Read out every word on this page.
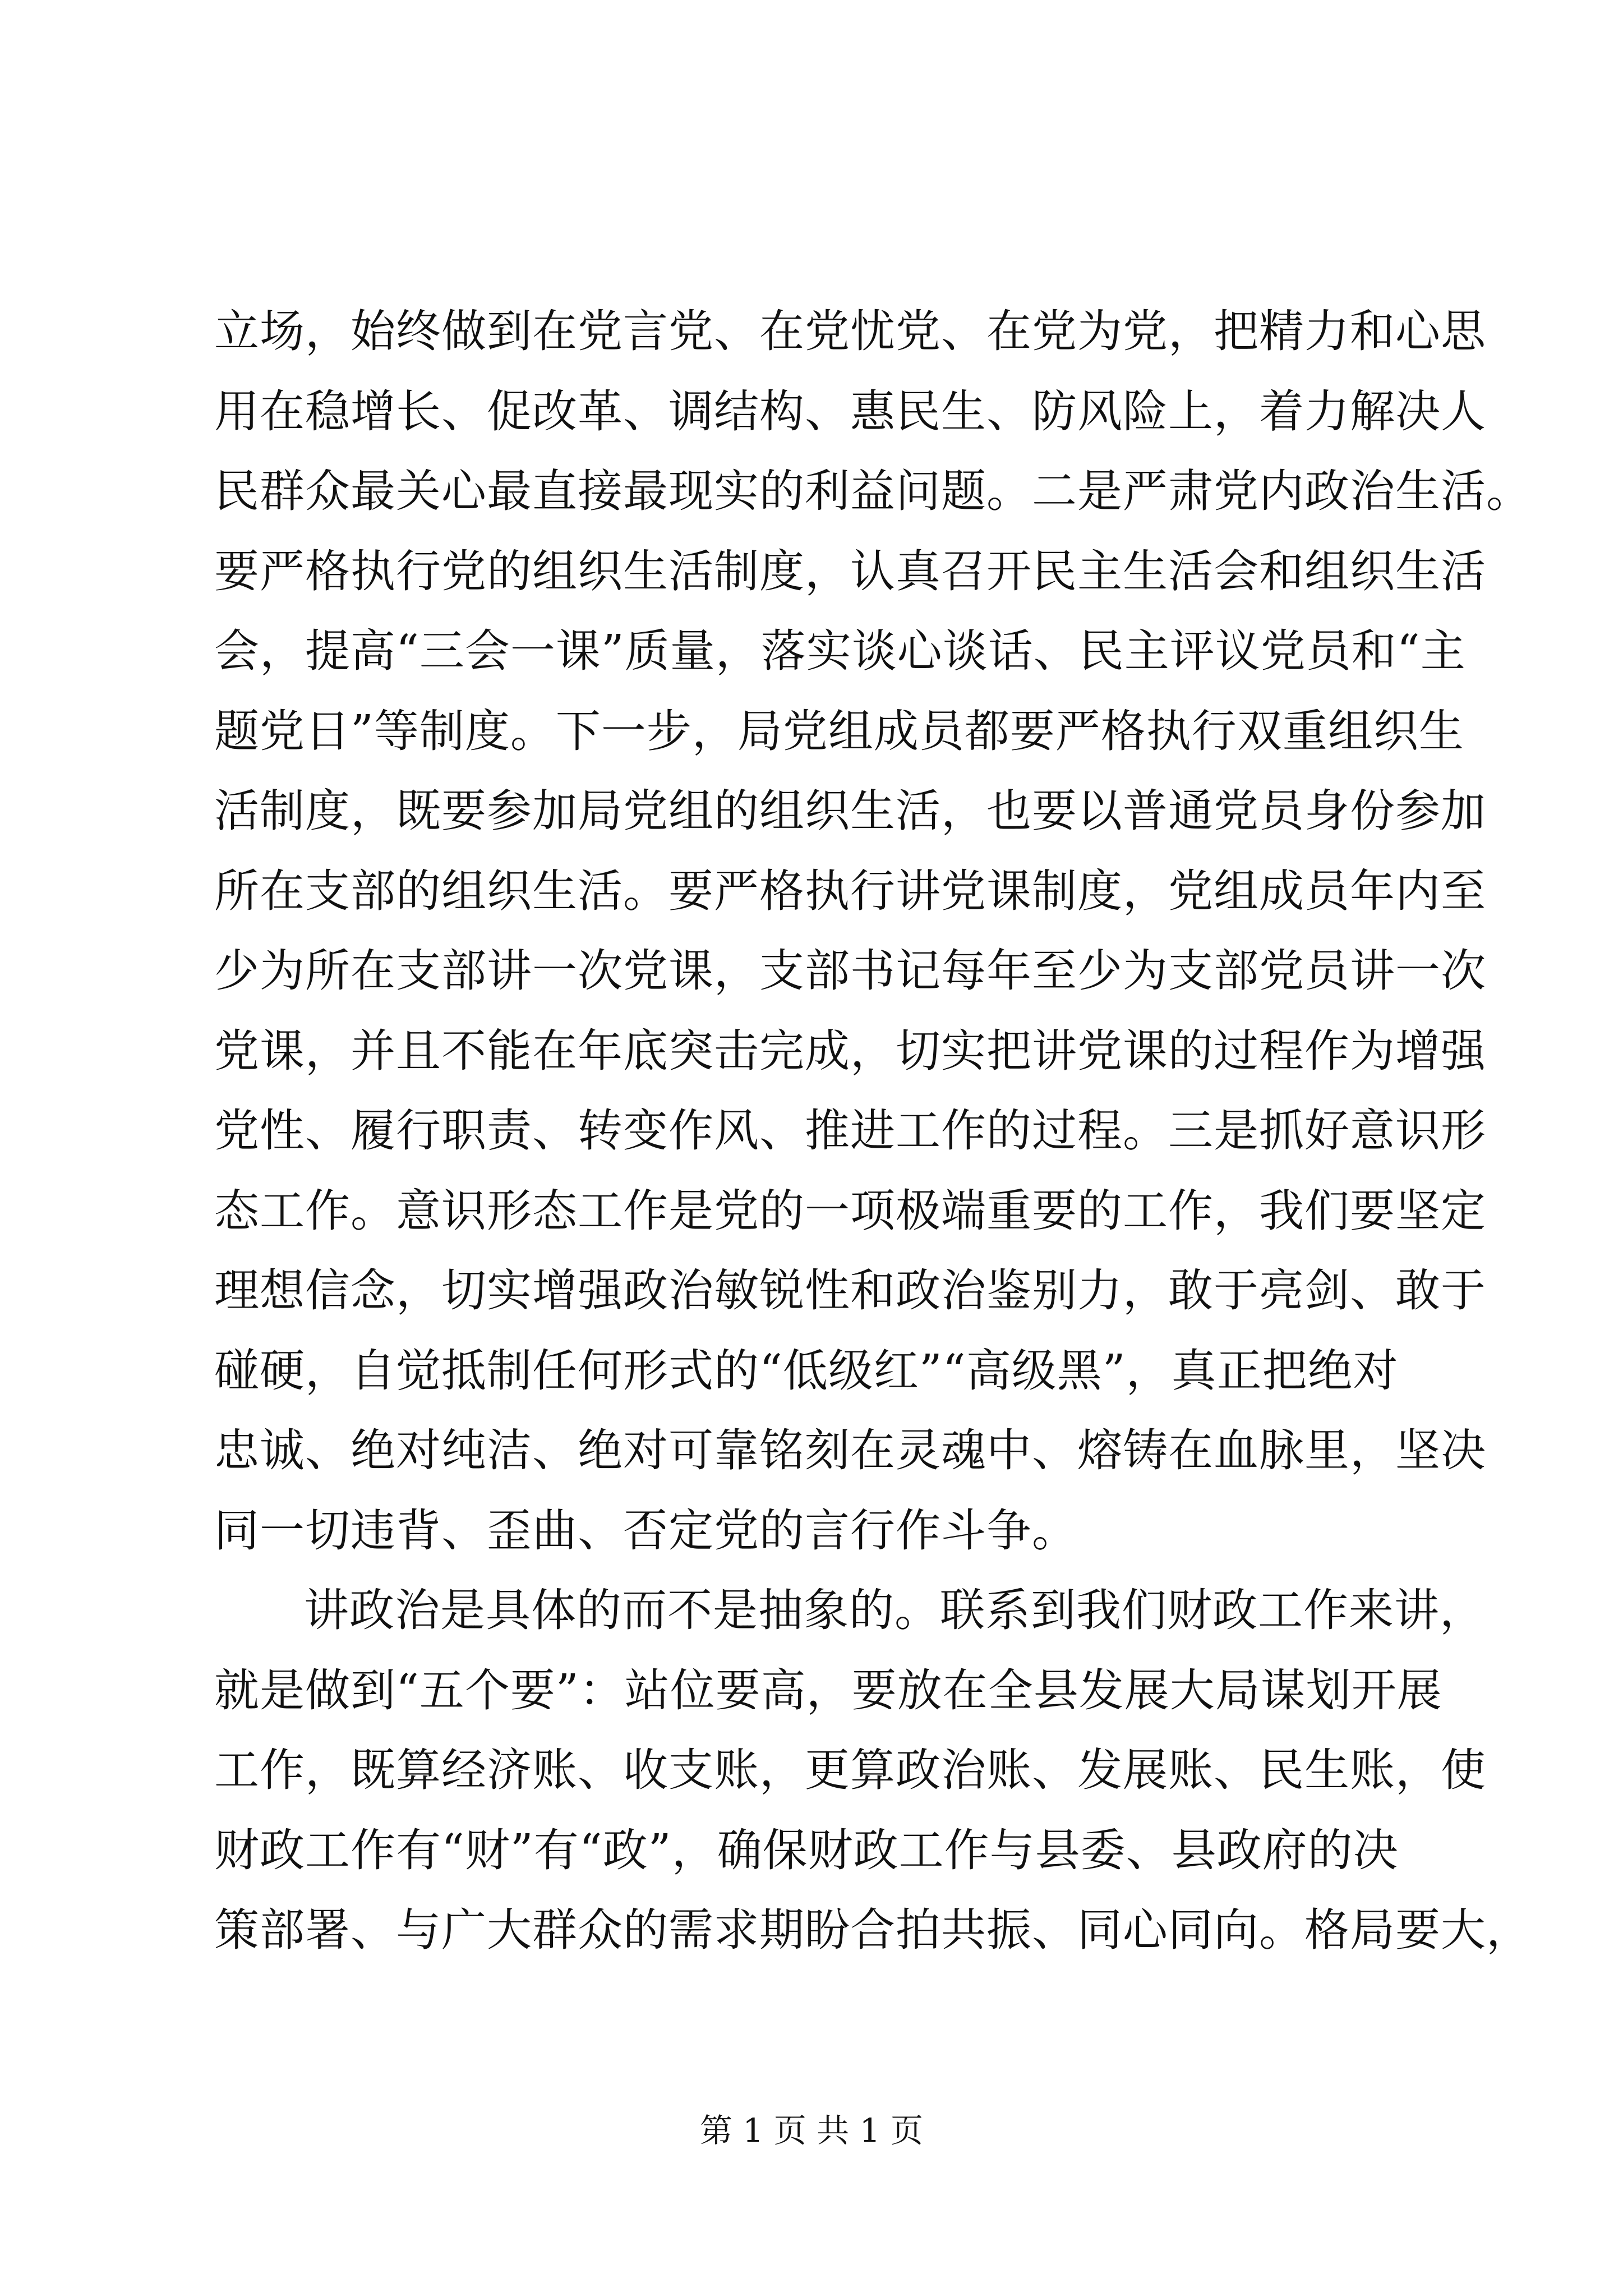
立场，始终做到在党言党、在党忧党、在党为党，把精力和心思
用在稳增长、促改革、调结构、惠民生、防风险上，着力解决人
民群众最关心最直接最现实的利益问题。二是严肃党内政治生活。
要严格执行党的组织生活制度，认真召开民主生活会和组织生活
会，提高“三会一课”质量，落实谈心谈话、民主评议党员和“主
题党日”等制度。下一步，局党组成员都要严格执行双重组织生
活制度，既要参加局党组的组织生活，也要以普通党员身份参加
所在支部的组织生活。要严格执行讲党课制度，党组成员年内至
少为所在支部讲一次党课，支部书记每年至少为支部党员讲一次
党课，并且不能在年底突击完成，切实把讲党课的过程作为增强
党性、履行职责、转变作风、推进工作的过程。三是抓好意识形
态工作。意识形态工作是党的一项极端重要的工作，我们要坚定
理想信念，切实增强政治敏锐性和政治鉴别力，敢于亮剑、敢于
碰硬，自觉抵制任何形式的“低级红”“高级黑”，真正把绝对
忠诚、绝对纯洁、绝对可靠铭刻在灵魂中、熔铸在血脉里，坚决
同一切违背、歪曲、否定党的言行作斗争。
讲政治是具体的而不是抽象的。联系到我们财政工作来讲，
就是做到“五个要”：站位要高，要放在全县发展大局谋划开展
工作，既算经济账、收支账，更算政治账、发展账、民生账，使
财政工作有“财”有“政”，确保财政工作与县委、县政府的决
策部署、与广大群众的需求期盼合拍共振、同心同向。格局要大，
第 1 页 共 1 页
